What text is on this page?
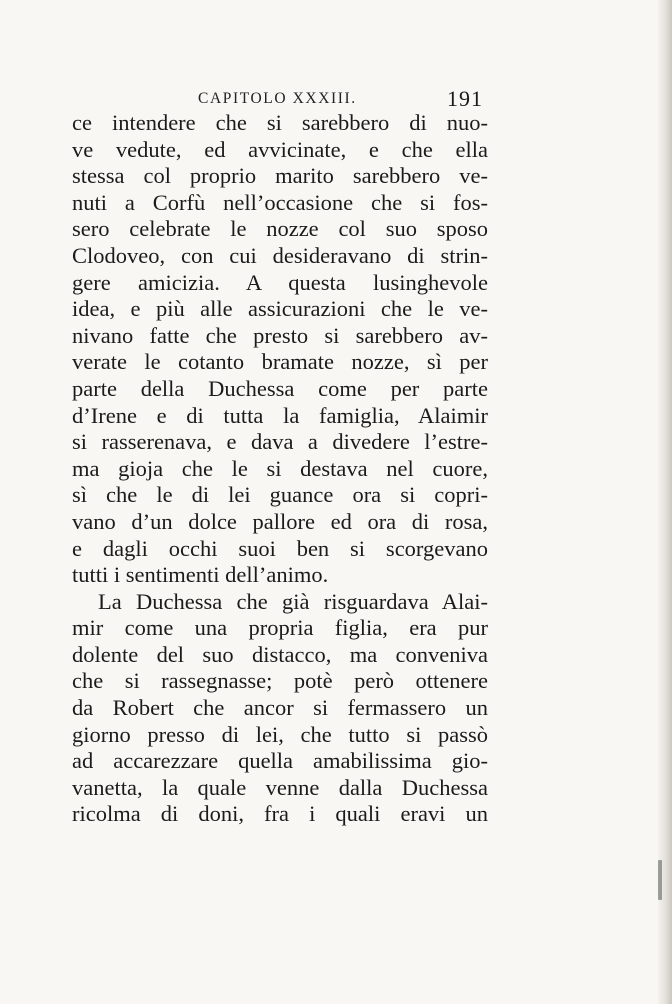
CAPITOLO XXXIII.	191
ce intendere che si sarebbero di nuo-
ve vedute, ed avvicinate, e che ella
stessa col proprio marito sarebbero ve-
nuti a Corfù nell’occasione che si fos-
sero celebrate le nozze col suo sposo
Clodoveo, con cui desideravano di strin-
gere amicizia. A questa lusinghevole
idea, e più alle assicurazioni che le ve-
nivano fatte che presto si sarebbero av-
verate le cotanto bramate nozze, sì per
parte della Duchessa come per parte
d’Irene e di tutta la famiglia, Alaimir
si rasserenava, e dava a divedere l’estre-
ma gioja che le si destava nel cuore,
sì che le di lei guance ora si copri-
vano d’un dolce pallore ed ora di rosa,
e dagli occhi suoi ben si scorgevano
tutti i sentimenti dell’animo.
La Duchessa che già risguardava Alai-
mir come una propria figlia, era pur
dolente del suo distacco, ma conveniva
che si rassegnasse; potè però ottenere
da Robert che ancor si fermassero un
giorno presso di lei, che tutto si passò
ad accarezzare quella amabilissima gio-
vanetta, la quale venne dalla Duchessa
ricolma di doni, fra i quali eravi un
